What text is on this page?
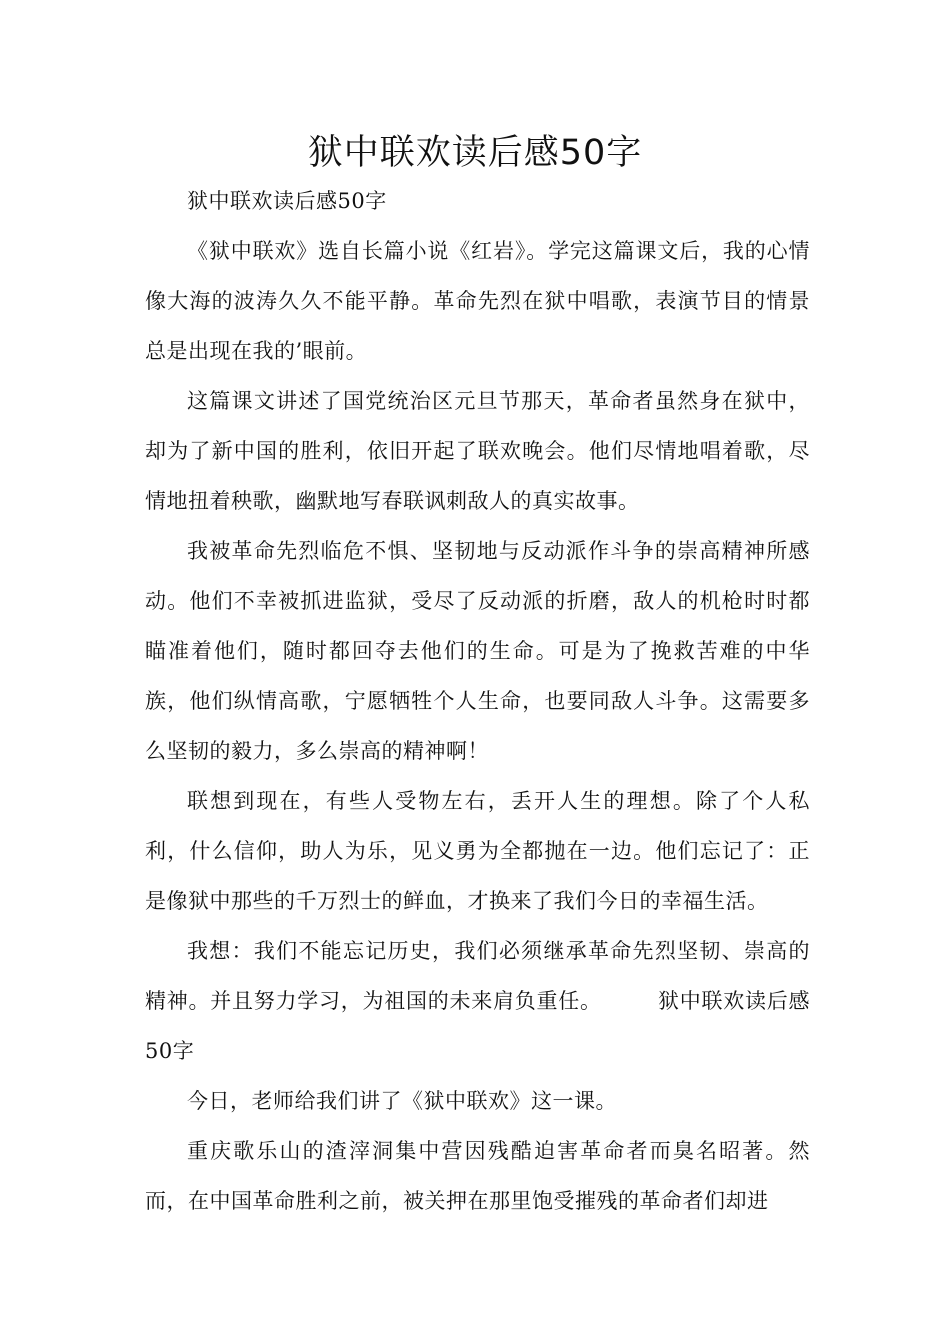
狱中联欢读后感50字

狱中联欢读后感50字

《狱中联欢》选自长篇小说《红岩》。学完这篇课文后，我的心情像大海的波涛久久不能平静。革命先烈在狱中唱歌，表演节目的情景总是出现在我的’眼前。

这篇课文讲述了国党统治区元旦节那天，革命者虽然身在狱中，却为了新中国的胜利，依旧开起了联欢晚会。他们尽情地唱着歌，尽情地扭着秧歌，幽默地写春联讽刺敌人的真实故事。

我被革命先烈临危不惧、坚韧地与反动派作斗争的崇高精神所感动。他们不幸被抓进监狱，受尽了反动派的折磨，敌人的机枪时时都瞄准着他们，随时都回夺去他们的生命。可是为了挽救苦难的中华族，他们纵情高歌，宁愿牺牲个人生命，也要同敌人斗争。这需要多么坚韧的毅力，多么崇高的精神啊！

联想到现在，有些人受物左右，丢开人生的理想。除了个人私利，什么信仰，助人为乐，见义勇为全都抛在一边。他们忘记了：正是像狱中那些的千万烈士的鲜血，才换来了我们今日的幸福生活。

我想：我们不能忘记历史，我们必须继承革命先烈坚韧、崇高的精神。并且努力学习，为祖国的未来肩负重任。	狱中联欢读后感50字

今日，老师给我们讲了《狱中联欢》这一课。

重庆歌乐山的渣滓洞集中营因残酷迫害革命者而臭名昭著。然而，在中国革命胜利之前，被关押在那里饱受摧残的革命者们却进
